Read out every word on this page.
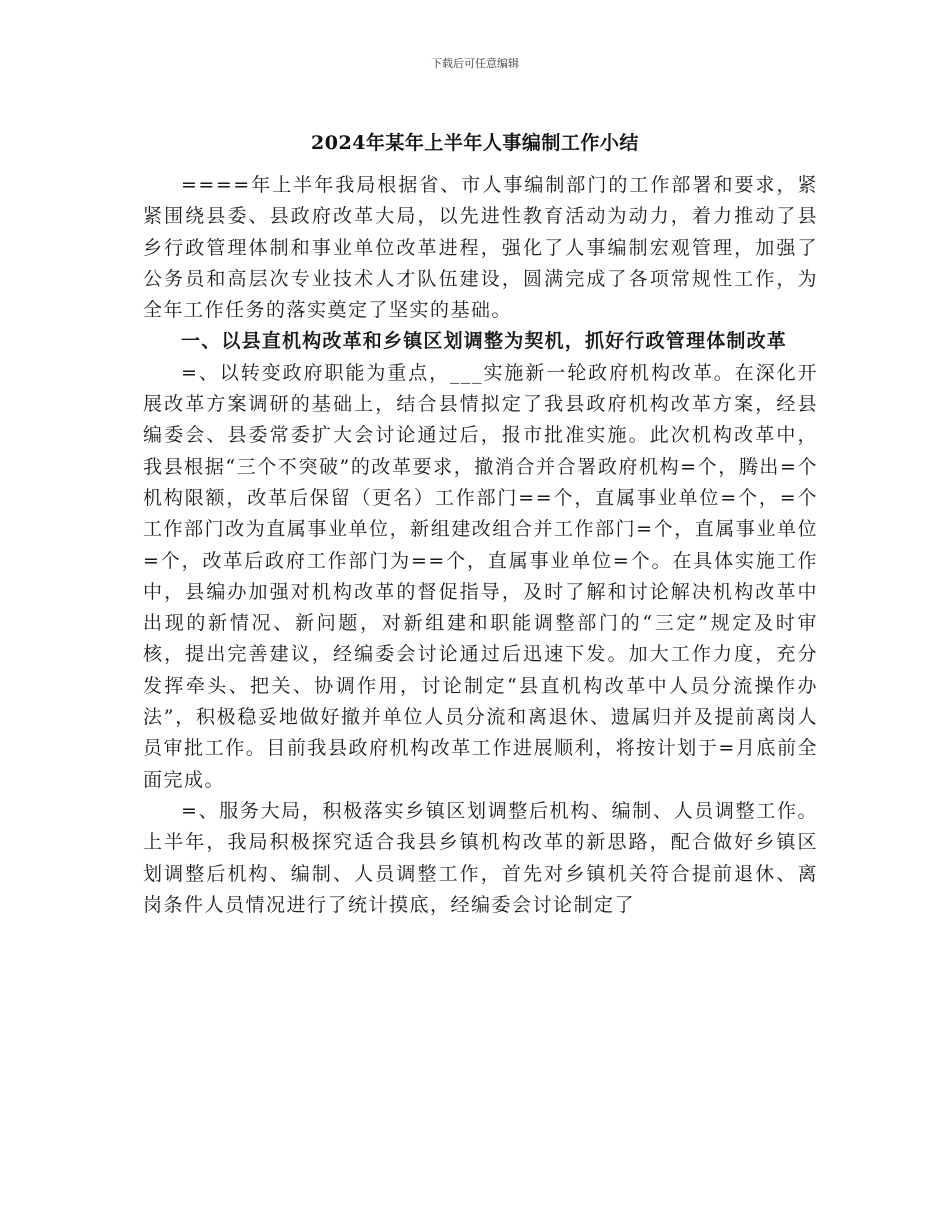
下载后可任意编辑
2024年某年上半年人事编制工作小结

====年上半年我局根据省、市人事编制部门的工作部署和要求，紧紧围绕县委、县政府改革大局，以先进性教育活动为动力，着力推动了县乡行政管理体制和事业单位改革进程，强化了人事编制宏观管理，加强了公务员和高层次专业技术人才队伍建设，圆满完成了各项常规性工作，为全年工作任务的落实奠定了坚实的基础。

一、以县直机构改革和乡镇区划调整为契机，抓好行政管理体制改革

=、以转变政府职能为重点，___实施新一轮政府机构改革。在深化开展改革方案调研的基础上，结合县情拟定了我县政府机构改革方案，经县编委会、县委常委扩大会讨论通过后，报市批准实施。此次机构改革中，我县根据“三个不突破”的改革要求，撤消合并合署政府机构=个，腾出=个机构限额，改革后保留（更名）工作部门==个，直属事业单位=个，=个工作部门改为直属事业单位，新组建改组合并工作部门=个，直属事业单位=个，改革后政府工作部门为==个，直属事业单位=个。在具体实施工作中，县编办加强对机构改革的督促指导，及时了解和讨论解决机构改革中出现的新情况、新问题，对新组建和职能调整部门的“三定”规定及时审核，提出完善建议，经编委会讨论通过后迅速下发。加大工作力度，充分发挥牵头、把关、协调作用，讨论制定“县直机构改革中人员分流操作办法”，积极稳妥地做好撤并单位人员分流和离退休、遗属归并及提前离岗人员审批工作。目前我县政府机构改革工作进展顺利，将按计划于=月底前全面完成。

=、服务大局，积极落实乡镇区划调整后机构、编制、人员调整工作。上半年，我局积极探究适合我县乡镇机构改革的新思路，配合做好乡镇区划调整后机构、编制、人员调整工作，首先对乡镇机关符合提前退休、离岗条件人员情况进行了统计摸底，经编委会讨论制定了
